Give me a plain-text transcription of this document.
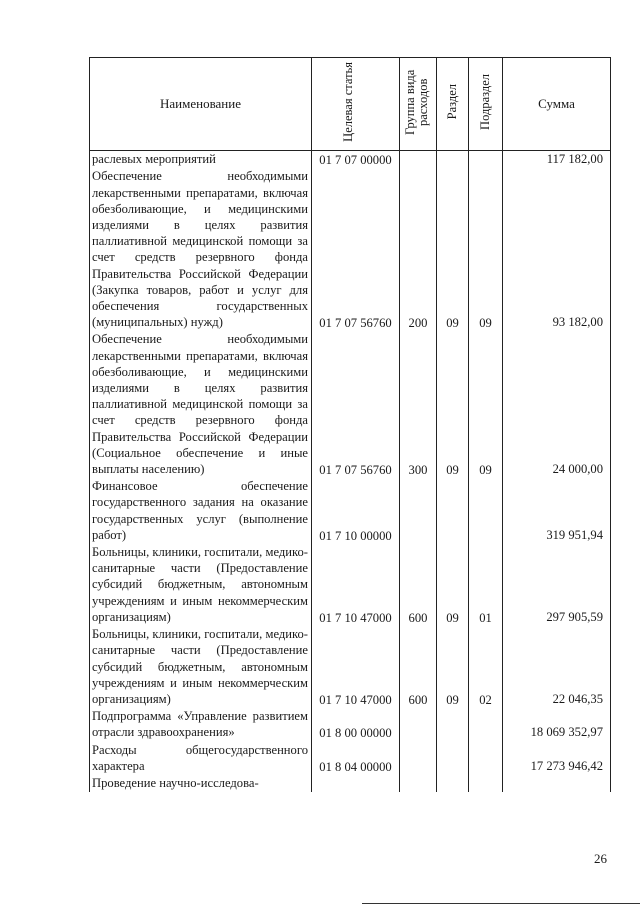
Наименование	Целевая статья	Группа вида расходов	Раздел	Подраздел	Сумма
раслевых мероприятий	01 7 07 00000				117 182,00
Обеспечение необходимыми лекарственными препаратами, включая обезболивающие, и медицинскими изделиями в целях развития паллиативной медицинской помощи за счет средств резервного фонда Правительства Российской Федерации (Закупка товаров, работ и услуг для обеспечения государственных (муниципальных) нужд)	01 7 07 56760	200	09	09	93 182,00
Обеспечение необходимыми лекарственными препаратами, включая обезболивающие, и медицинскими изделиями в целях развития паллиативной медицинской помощи за счет средств резервного фонда Правительства Российской Федерации (Социальное обеспечение и иные выплаты населению)	01 7 07 56760	300	09	09	24 000,00
Финансовое обеспечение государственного задания на оказание государственных услуг (выполнение работ)	01 7 10 00000				319 951,94
Больницы, клиники, госпитали, медико-санитарные части (Предоставление субсидий бюджетным, автономным учреждениям и иным некоммерческим организациям)	01 7 10 47000	600	09	01	297 905,59
Больницы, клиники, госпитали, медико-санитарные части (Предоставление субсидий бюджетным, автономным учреждениям и иным некоммерческим организациям)	01 7 10 47000	600	09	02	22 046,35
Подпрограмма «Управление развитием отрасли здравоохранения»	01 8 00 00000				18 069 352,97
Расходы общегосударственного характера	01 8 04 00000				17 273 946,42
Проведение научно-исследова-					
26
